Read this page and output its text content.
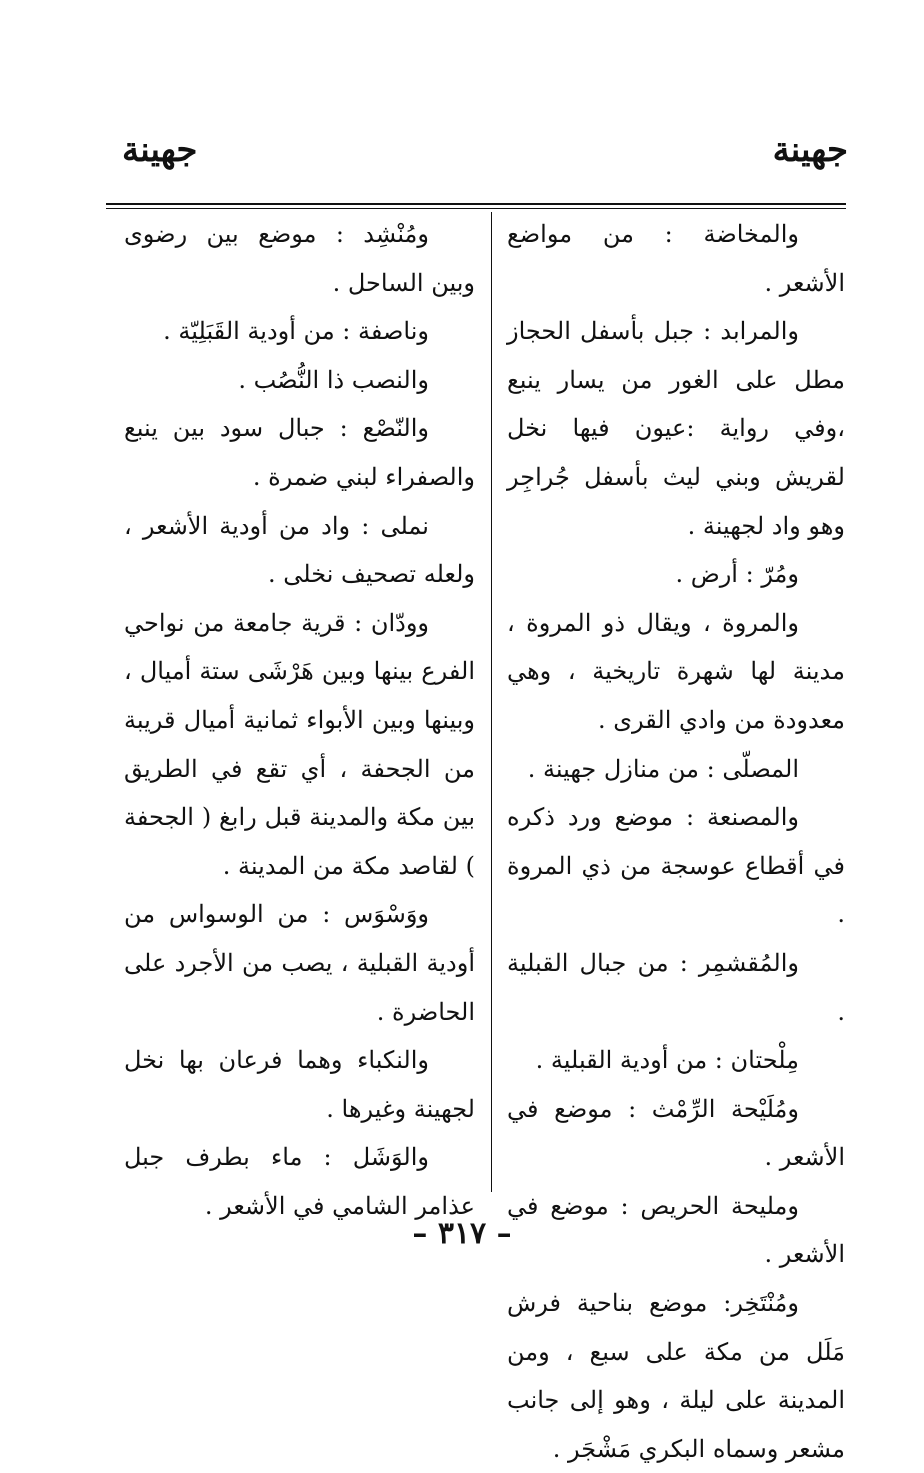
جهينة
جهينة
والمخاضة : من مواضع الأشعر .
والمرابد : جبل بأسفل الحجاز مطل على الغور من يسار ينبع ،وفي رواية :عيون فيها نخل لقريش وبني ليث بأسفل جُراجِر وهو واد لجهينة .
ومُرّ : أرض .
والمروة ، ويقال ذو المروة ، مدينة لها شهرة تاريخية ، وهي معدودة من وادي القرى .
المصلّى : من منازل جهينة .
والمصنعة : موضع ورد ذكره في أقطاع عوسجة من ذي المروة .
والمُقشمِر : من جبال القبلية .
مِلْحتان : من أودية القبلية .
ومُلَيْحة الرِّمْث : موضع في الأشعر .
ومليحة الحريص : موضع في الأشعر .
ومُنْتَخِر: موضع بناحية فرش مَلَل من مكة على سبع ، ومن المدينة على ليلة ، وهو إلى جانب مشعر وسماه البكري مَشْجَر .
ومُنْشِد : موضع بين رضوى وبين الساحل .
وناصفة : من أودية القَبَلِيّة .
والنصب ذا النُّصُب .
والنّصْع : جبال سود بين ينبع والصفراء لبني ضمرة .
نملى : واد من أودية الأشعر ، ولعله تصحيف نخلى .
وودّان : قرية جامعة من نواحي الفرع بينها وبين هَرْشَى ستة أميال ، وبينها وبين الأبواء ثمانية أميال قريبة من الجحفة ، أي تقع في الطريق بين مكة والمدينة قبل رابغ ( الجحفة ) لقاصد مكة من المدينة .
ووَسْوَس : من الوسواس من أودية القبلية ، يصب من الأجرد على الحاضرة .
والنكباء وهما فرعان بها نخل لجهينة وغيرها .
والوَشَل : ماء بطرف جبل عذامر الشامي في الأشعر .
– ٣١٧ –
